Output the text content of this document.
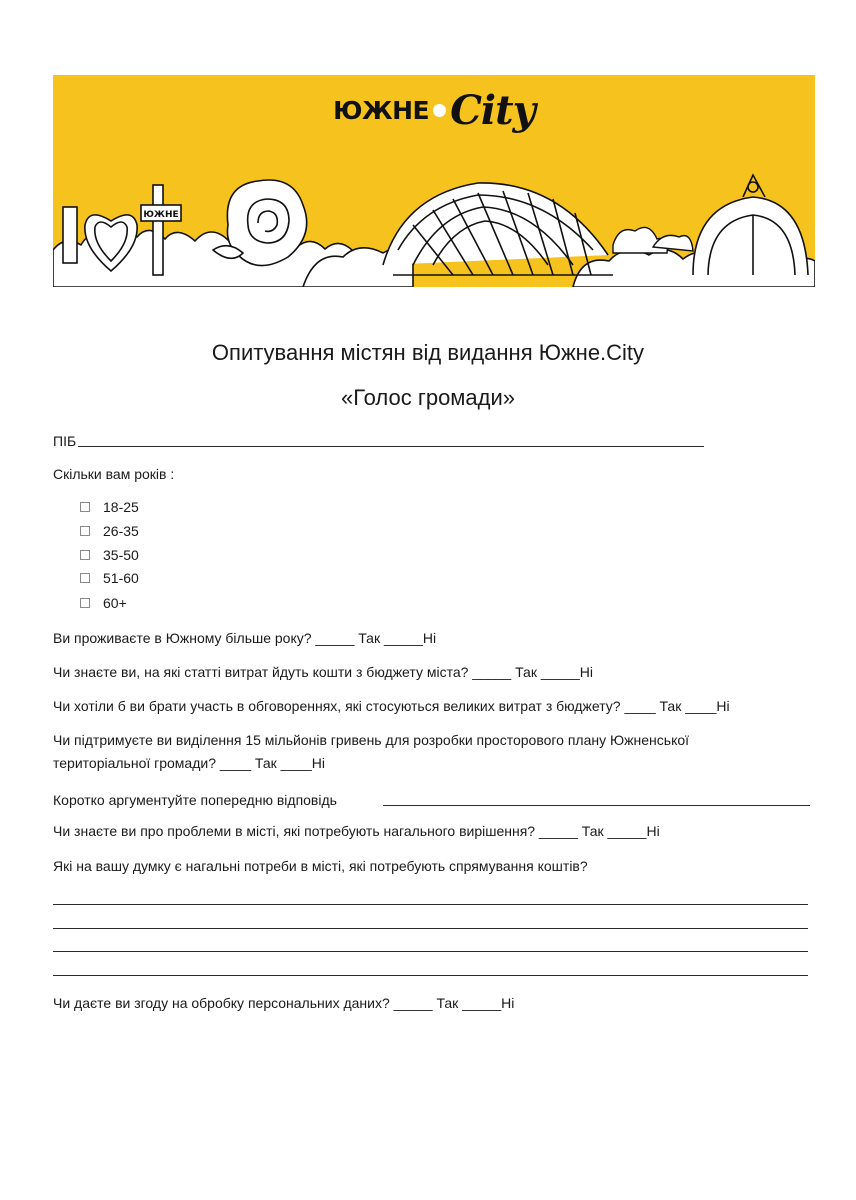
ЮЖНЕ
ЮЖНЕ City
Опитування містян від видання Южне.City
«Голос громади»
ПІБ
Скільки вам років :
18-25
26-35
35-50
51-60
60+
Ви проживаєте в Южному більше року? _____ Так _____Ні
Чи знаєте ви, на які статті витрат йдуть кошти з бюджету міста? _____ Так _____Ні
Чи хотіли б ви брати участь в обговореннях, які стосуються великих витрат з бюджету? ____ Так ____Ні
Чи підтримуєте ви виділення 15 мільйонів гривень для розробки просторового плану Южненської
територіальної громади? ____ Так ____Ні
Коротко аргументуйте попередню відповідь
Чи знаєте ви про проблеми в місті, які потребують нагального вирішення? _____ Так _____Ні
Які на вашу думку є нагальні потреби в місті, які потребують спрямування коштів?
Чи даєте ви згоду на обробку персональних даних? _____ Так _____Ні
